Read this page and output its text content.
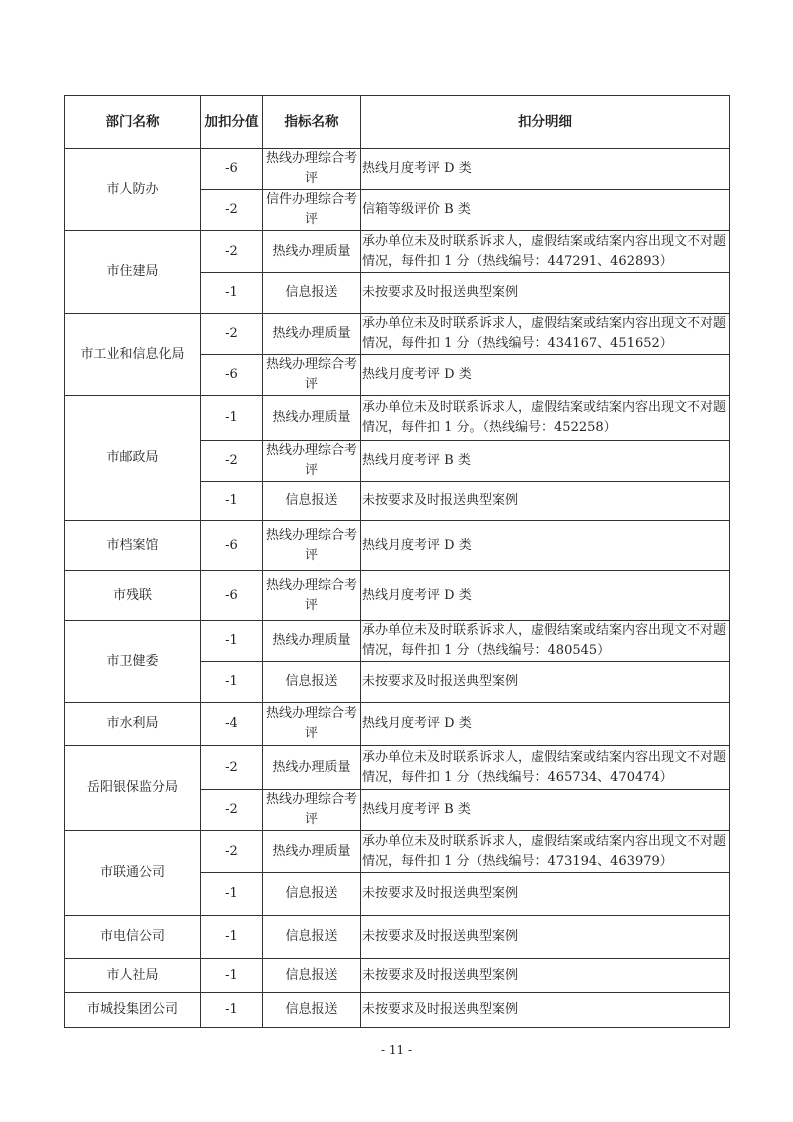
部门名称	加扣分值	指标名称	扣分明细
市人防办	-6	热线办理综合考评	热线月度考评 D 类
	-2	信件办理综合考评	信箱等级评价 B 类
市住建局	-2	热线办理质量	承办单位未及时联系诉求人，虚假结案或结案内容出现文不对题情况，每件扣 1 分（热线编号：447291、462893）
	-1	信息报送	未按要求及时报送典型案例
市工业和信息化局	-2	热线办理质量	承办单位未及时联系诉求人，虚假结案或结案内容出现文不对题情况，每件扣 1 分（热线编号：434167、451652）
	-6	热线办理综合考评	热线月度考评 D 类
市邮政局	-1	热线办理质量	承办单位未及时联系诉求人，虚假结案或结案内容出现文不对题情况，每件扣 1 分。（热线编号：452258）
	-2	热线办理综合考评	热线月度考评 B 类
	-1	信息报送	未按要求及时报送典型案例
市档案馆	-6	热线办理综合考评	热线月度考评 D 类
市残联	-6	热线办理综合考评	热线月度考评 D 类
市卫健委	-1	热线办理质量	承办单位未及时联系诉求人，虚假结案或结案内容出现文不对题情况，每件扣 1 分（热线编号：480545）
	-1	信息报送	未按要求及时报送典型案例
市水利局	-4	热线办理综合考评	热线月度考评 D 类
岳阳银保监分局	-2	热线办理质量	承办单位未及时联系诉求人，虚假结案或结案内容出现文不对题情况，每件扣 1 分（热线编号：465734、470474）
	-2	热线办理综合考评	热线月度考评 B 类
市联通公司	-2	热线办理质量	承办单位未及时联系诉求人，虚假结案或结案内容出现文不对题情况，每件扣 1 分（热线编号：473194、463979）
	-1	信息报送	未按要求及时报送典型案例
市电信公司	-1	信息报送	未按要求及时报送典型案例
市人社局	-1	信息报送	未按要求及时报送典型案例
市城投集团公司	-1	信息报送	未按要求及时报送典型案例
- 11 -
